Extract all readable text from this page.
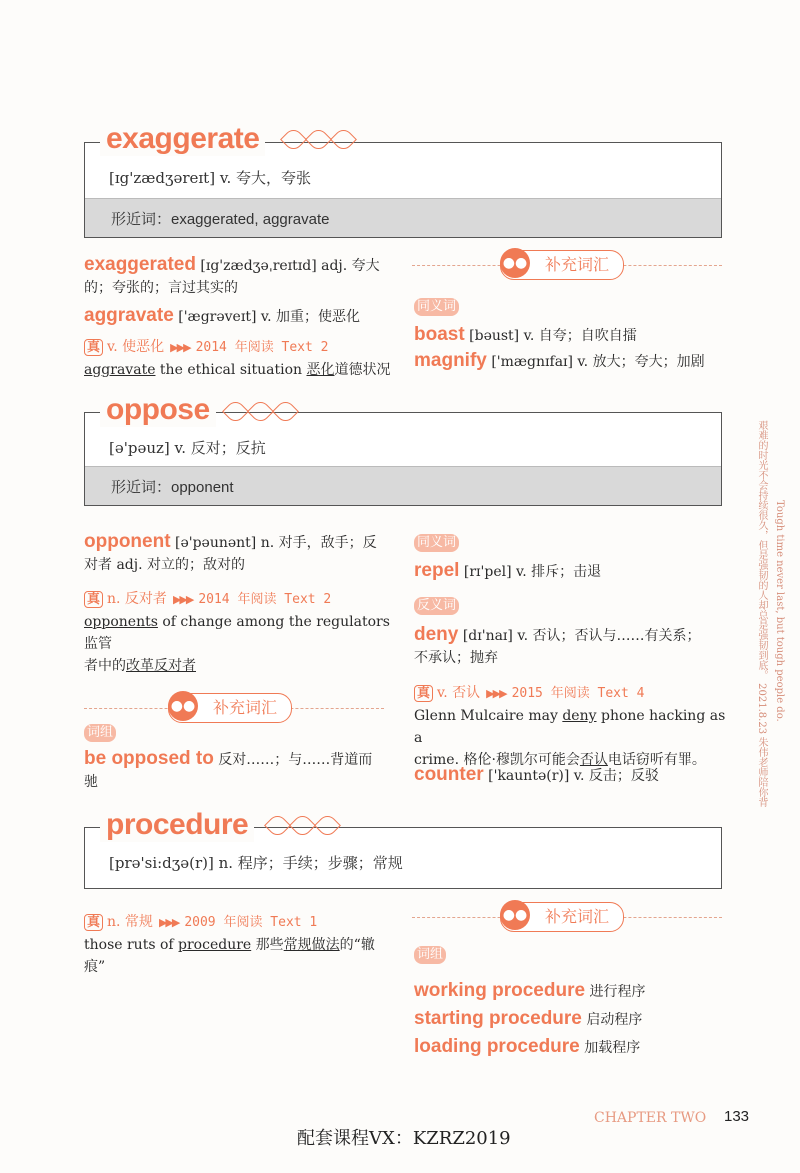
[ɪg'zædʒəreɪt] v. 夸大，夸张
形近词：exaggerated, aggravate
exaggerate
exaggerated [ɪg'zædʒəˌreɪtɪd] adj. 夸大
的；夸张的；言过其实的
aggravate ['ægrəveɪt] v. 加重；使恶化
真 v. 使恶化 ▶▶▶ 2014 年阅读 Text 2
aggravate the ethical situation 恶化道德状况
补充词汇
●●
同义词
boast [bəust] v. 自夸；自吹自擂
magnify ['mægnɪfaɪ] v. 放大；夸大；加剧
[ə'pəuz] v. 反对；反抗
形近词：opponent
oppose
opponent [ə'pəunənt] n. 对手，敌手；反
对者 adj. 对立的；敌对的
真 n. 反对者 ▶▶▶ 2014 年阅读 Text 2
opponents of change among the regulators 监管
者中的改革反对者
补充词汇
●●
词组
be opposed to 反对……；与……背道而
驰
同义词
repel [rɪ'pel] v. 排斥；击退
反义词
deny [dɪ'naɪ] v. 否认；否认与……有关系；
不承认；抛弃
真 v. 否认 ▶▶▶ 2015 年阅读 Text 4
Glenn Mulcaire may deny phone hacking as a
crime. 格伦·穆凯尔可能会否认电话窃听有罪。
counter ['kauntə(r)] v. 反击；反驳
[prə'si:dʒə(r)] n. 程序；手续；步骤；常规
procedure
真 n. 常规 ▶▶▶ 2009 年阅读 Text 1
those ruts of procedure 那些常规做法的“辙
痕”
补充词汇
●●
词组
working procedure 进行程序
starting procedure 启动程序
loading procedure 加载程序
艰难的时光不会持续很久，但是强韧的人却总是强韧到底。 2021.8.23 朱伟老师陪你背 Tough time never last, but tough people do.
CHAPTER TWO 133
配套课程VX：KZRZ2019
